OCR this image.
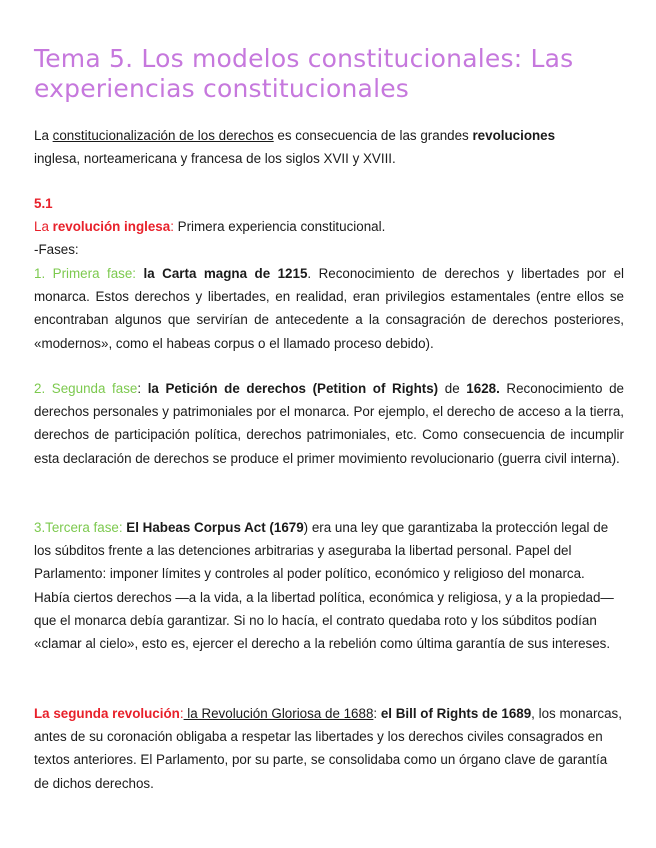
Tema 5. Los modelos constitucionales: Las
experiencias constitucionales
La constitucionalización de los derechos es consecuencia de las grandes revoluciones
inglesa, norteamericana y francesa de los siglos XVII y XVIII.
5.1
La revolución inglesa: Primera experiencia constitucional.
-Fases:
1. Primera fase: la Carta magna de 1215. Reconocimiento de derechos y libertades por el monarca. Estos derechos y libertades, en realidad, eran privilegios estamentales (entre ellos se encontraban algunos que servirían de antecedente a la consagración de derechos posteriores, «modernos», como el habeas corpus o el llamado proceso debido).
2. Segunda fase: la Petición de derechos (Petition of Rights) de 1628. Reconocimiento de derechos personales y patrimoniales por el monarca. Por ejemplo, el derecho de acceso a la tierra, derechos de participación política, derechos patrimoniales, etc. Como consecuencia de incumplir esta declaración de derechos se produce el primer movimiento revolucionario (guerra civil interna).
3.Tercera fase: El Habeas Corpus Act (1679) era una ley que garantizaba la protección legal de los súbditos frente a las detenciones arbitrarias y aseguraba la libertad personal. Papel del Parlamento: imponer límites y controles al poder político, económico y religioso del monarca. Había ciertos derechos —a la vida, a la libertad política, económica y religiosa, y a la propiedad— que el monarca debía garantizar. Si no lo hacía, el contrato quedaba roto y los súbditos podían «clamar al cielo», esto es, ejercer el derecho a la rebelión como última garantía de sus intereses.
La segunda revolución: la Revolución Gloriosa de 1688: el Bill of Rights de 1689, los monarcas, antes de su coronación obligaba a respetar las libertades y los derechos civiles consagrados en textos anteriores. El Parlamento, por su parte, se consolidaba como un órgano clave de garantía de dichos derechos.
